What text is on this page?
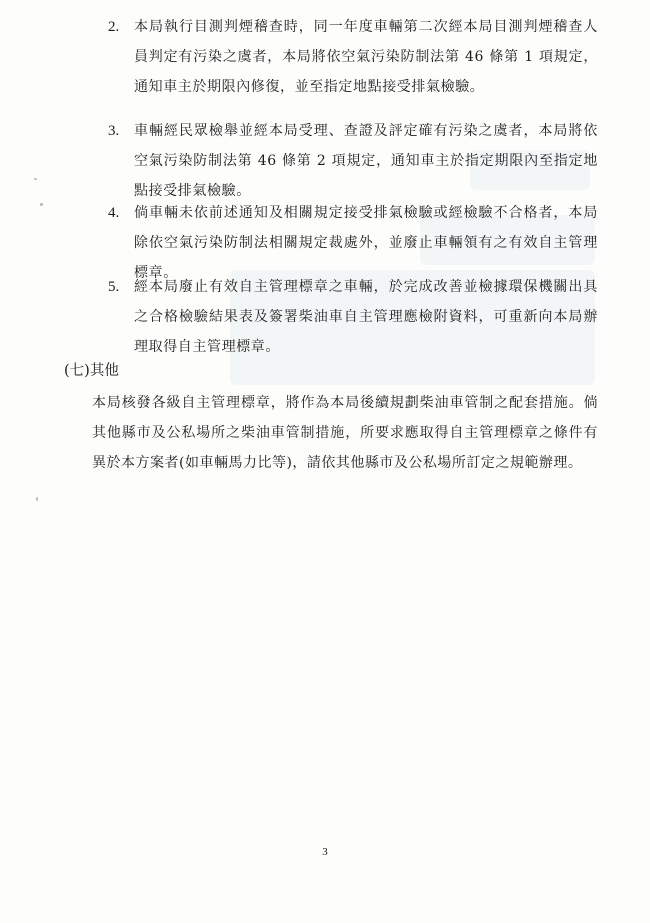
2.	本局執行目測判煙稽查時，同一年度車輛第二次經本局目測判煙稽查人員判定有污染之虞者，本局將依空氣污染防制法第 46 條第 1 項規定，通知車主於期限內修復，並至指定地點接受排氣檢驗。
3.	車輛經民眾檢舉並經本局受理、查證及評定確有污染之虞者，本局將依空氣污染防制法第 46 條第 2 項規定，通知車主於指定期限內至指定地點接受排氣檢驗。
4.	倘車輛未依前述通知及相關規定接受排氣檢驗或經檢驗不合格者，本局除依空氣污染防制法相關規定裁處外，並廢止車輛領有之有效自主管理標章。
5.	經本局廢止有效自主管理標章之車輛，於完成改善並檢據環保機關出具之合格檢驗結果表及簽署柴油車自主管理應檢附資料，可重新向本局辦理取得自主管理標章。
(七)其他
本局核發各級自主管理標章，將作為本局後續規劃柴油車管制之配套措施。倘其他縣市及公私場所之柴油車管制措施，所要求應取得自主管理標章之條件有異於本方案者(如車輛馬力比等)，請依其他縣市及公私場所訂定之規範辦理。
3
